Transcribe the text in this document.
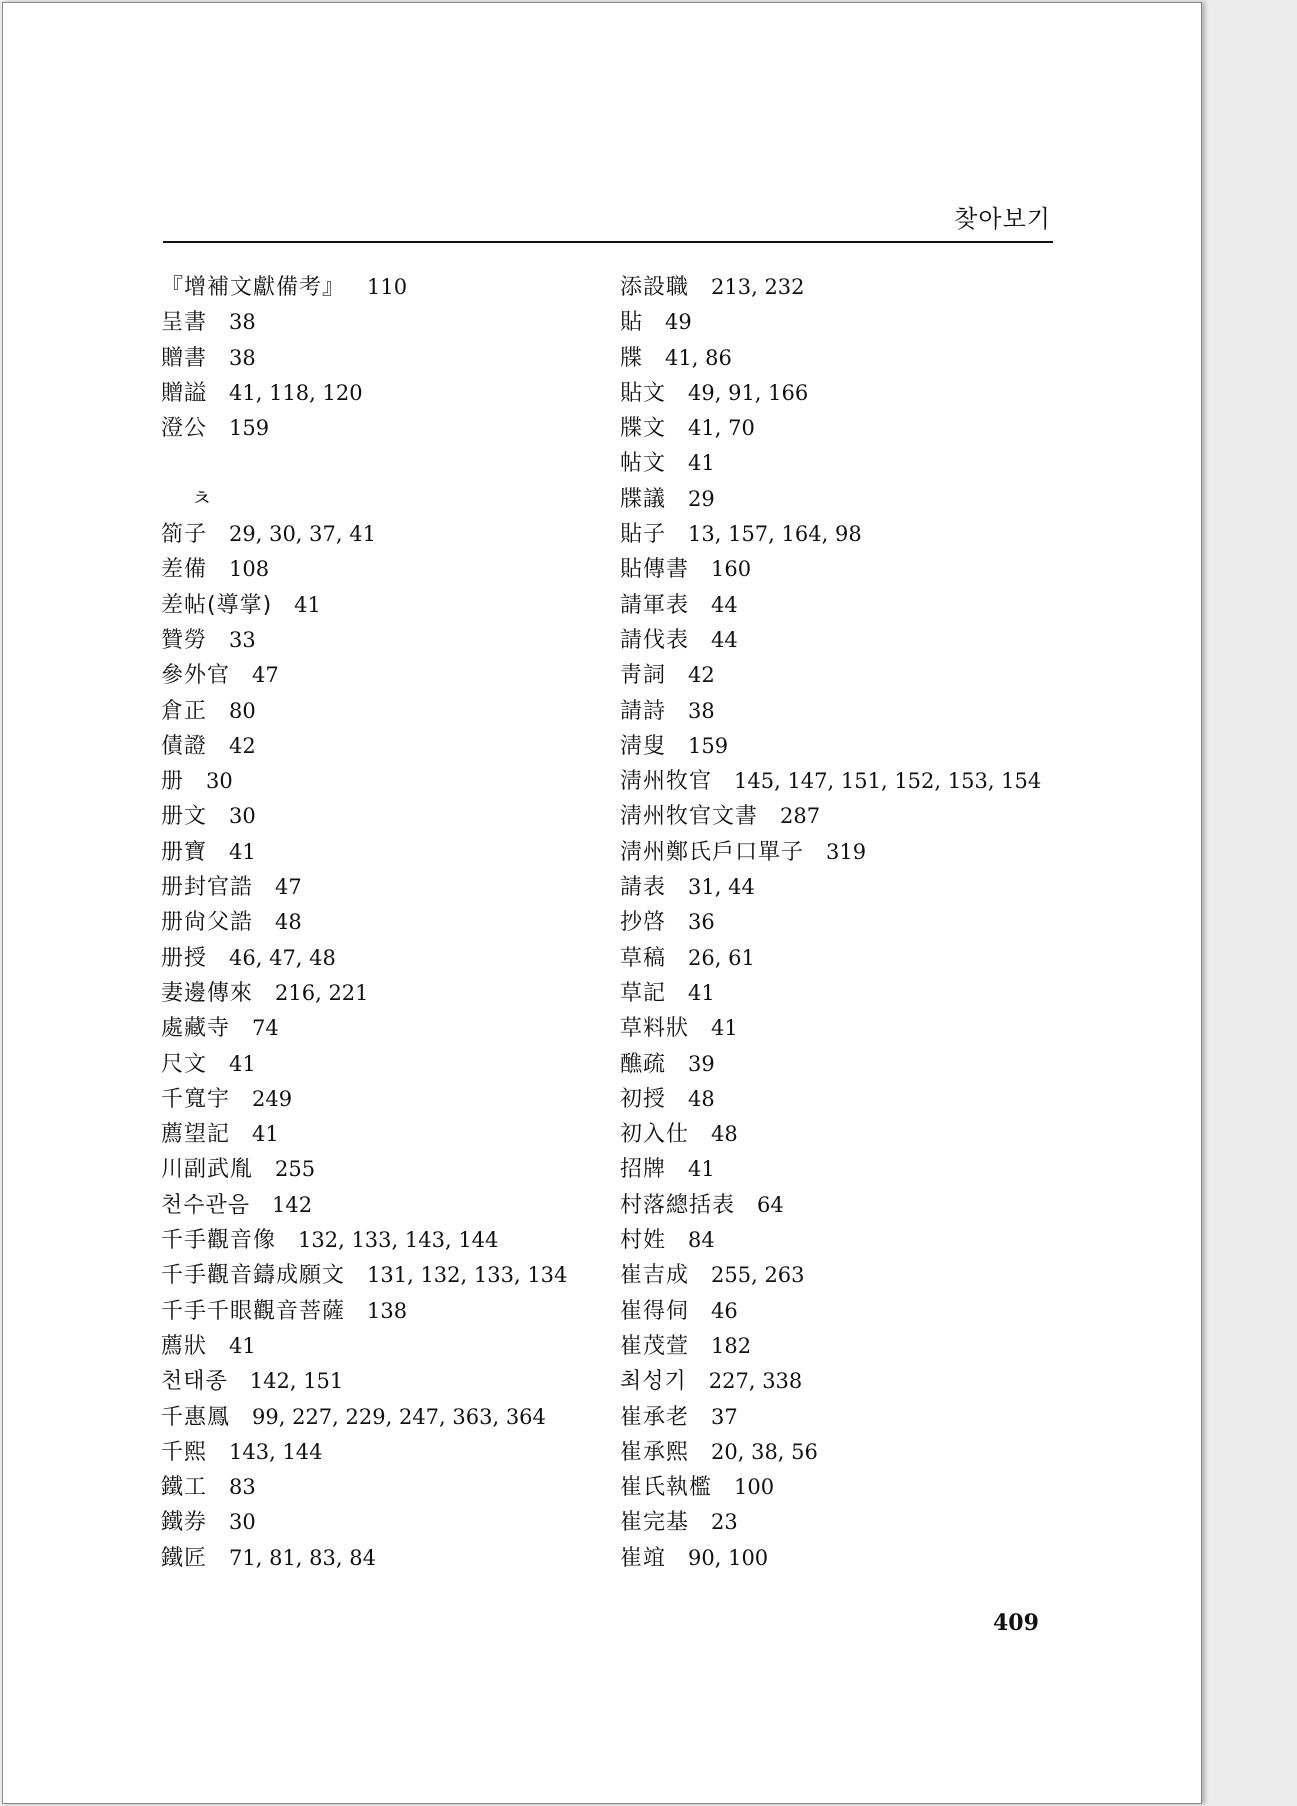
찾아보기
『增補文獻備考』 110
呈書 38
贈書 38
贈謚 41, 118, 120
澄公 159
ㅊ
箚子 29, 30, 37, 41
差備 108
差帖(導掌) 41
贊勞 33
參外官 47
倉正 80
債證 42
册 30
册文 30
册寶 41
册封官誥 47
册尙父誥 48
册授 46, 47, 48
妻邊傳來 216, 221
處藏寺 74
尺文 41
千寬宇 249
薦望記 41
川副武胤 255
천수관음 142
千手觀音像 132, 133, 143, 144
千手觀音鑄成願文 131, 132, 133, 134
千手千眼觀音菩薩 138
薦狀 41
천태종 142, 151
千惠鳳 99, 227, 229, 247, 363, 364
千熙 143, 144
鐵工 83
鐵券 30
鐵匠 71, 81, 83, 84
添設職 213, 232
貼 49
牒 41, 86
貼文 49, 91, 166
牒文 41, 70
帖文 41
牒議 29
貼子 13, 157, 164, 98
貼傳書 160
請軍表 44
請伐表 44
靑詞 42
請詩 38
淸叟 159
淸州牧官 145, 147, 151, 152, 153, 154
淸州牧官文書 287
淸州鄭氏戶口單子 319
請表 31, 44
抄啓 36
草稿 26, 61
草記 41
草料狀 41
醮疏 39
初授 48
初入仕 48
招牌 41
村落總括表 64
村姓 84
崔吉成 255, 263
崔得伺 46
崔茂萱 182
최성기 227, 338
崔承老 37
崔承熙 20, 38, 56
崔氏執檻 100
崔完基 23
崔竩 90, 100
409
